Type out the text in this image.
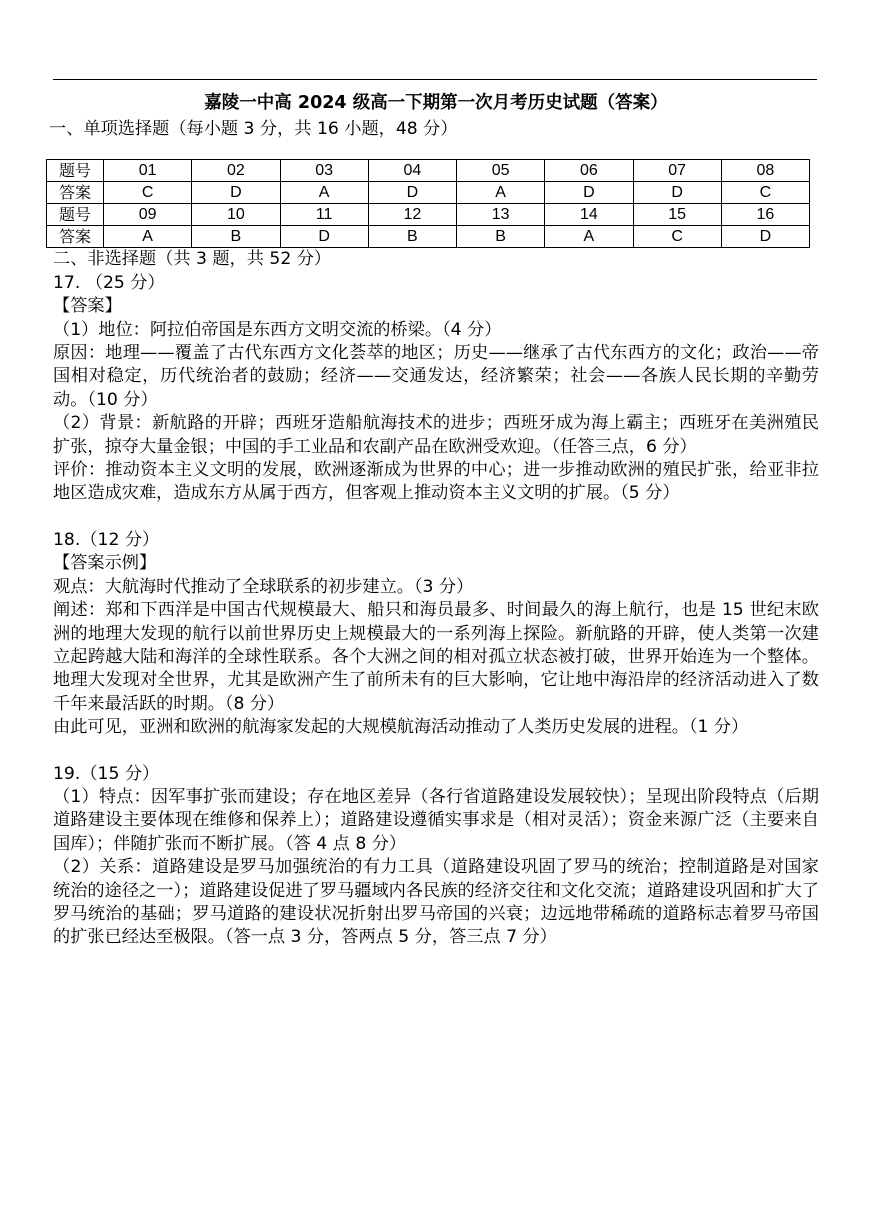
嘉陵一中高 2024 级高一下期第一次月考历史试题（答案）

一、单项选择题（每小题 3 分，共 16 小题，48 分）

题号	01	02	03	04	05	06	07	08
答案	C	D	A	D	A	D	D	C
题号	09	10	11	12	13	14	15	16
答案	A	B	D	B	B	A	C	D

二、非选择题（共 3 题，共 52 分）

17. （25 分）

【答案】

（1）地位：阿拉伯帝国是东西方文明交流的桥梁。（4 分）

原因：地理——覆盖了古代东西方文化荟萃的地区；历史——继承了古代东西方的文化；政治——帝国相对稳定，历代统治者的鼓励；经济——交通发达，经济繁荣；社会——各族人民长期的辛勤劳动。（10 分）

（2）背景：新航路的开辟；西班牙造船航海技术的进步；西班牙成为海上霸主；西班牙在美洲殖民扩张，掠夺大量金银；中国的手工业品和农副产品在欧洲受欢迎。（任答三点，6 分）

评价：推动资本主义文明的发展，欧洲逐渐成为世界的中心；进一步推动欧洲的殖民扩张，给亚非拉地区造成灾难，造成东方从属于西方，但客观上推动资本主义文明的扩展。（5 分）

18.（12 分）

【答案示例】

观点：大航海时代推动了全球联系的初步建立。（3 分）

阐述：郑和下西洋是中国古代规模最大、船只和海员最多、时间最久的海上航行，也是 15 世纪末欧洲的地理大发现的航行以前世界历史上规模最大的一系列海上探险。新航路的开辟，使人类第一次建立起跨越大陆和海洋的全球性联系。各个大洲之间的相对孤立状态被打破，世界开始连为一个整体。地理大发现对全世界，尤其是欧洲产生了前所未有的巨大影响，它让地中海沿岸的经济活动进入了数千年来最活跃的时期。（8 分）

由此可见，亚洲和欧洲的航海家发起的大规模航海活动推动了人类历史发展的进程。（1 分）

19.（15 分）

（1）特点：因军事扩张而建设；存在地区差异（各行省道路建设发展较快）；呈现出阶段特点（后期道路建设主要体现在维修和保养上）；道路建设遵循实事求是（相对灵活）；资金来源广泛（主要来自国库）；伴随扩张而不断扩展。（答 4 点 8 分）

（2）关系：道路建设是罗马加强统治的有力工具（道路建设巩固了罗马的统治；控制道路是对国家统治的途径之一）；道路建设促进了罗马疆域内各民族的经济交往和文化交流；道路建设巩固和扩大了罗马统治的基础；罗马道路的建设状况折射出罗马帝国的兴衰；边远地带稀疏的道路标志着罗马帝国的扩张已经达至极限。（答一点 3 分，答两点 5 分，答三点 7 分）
